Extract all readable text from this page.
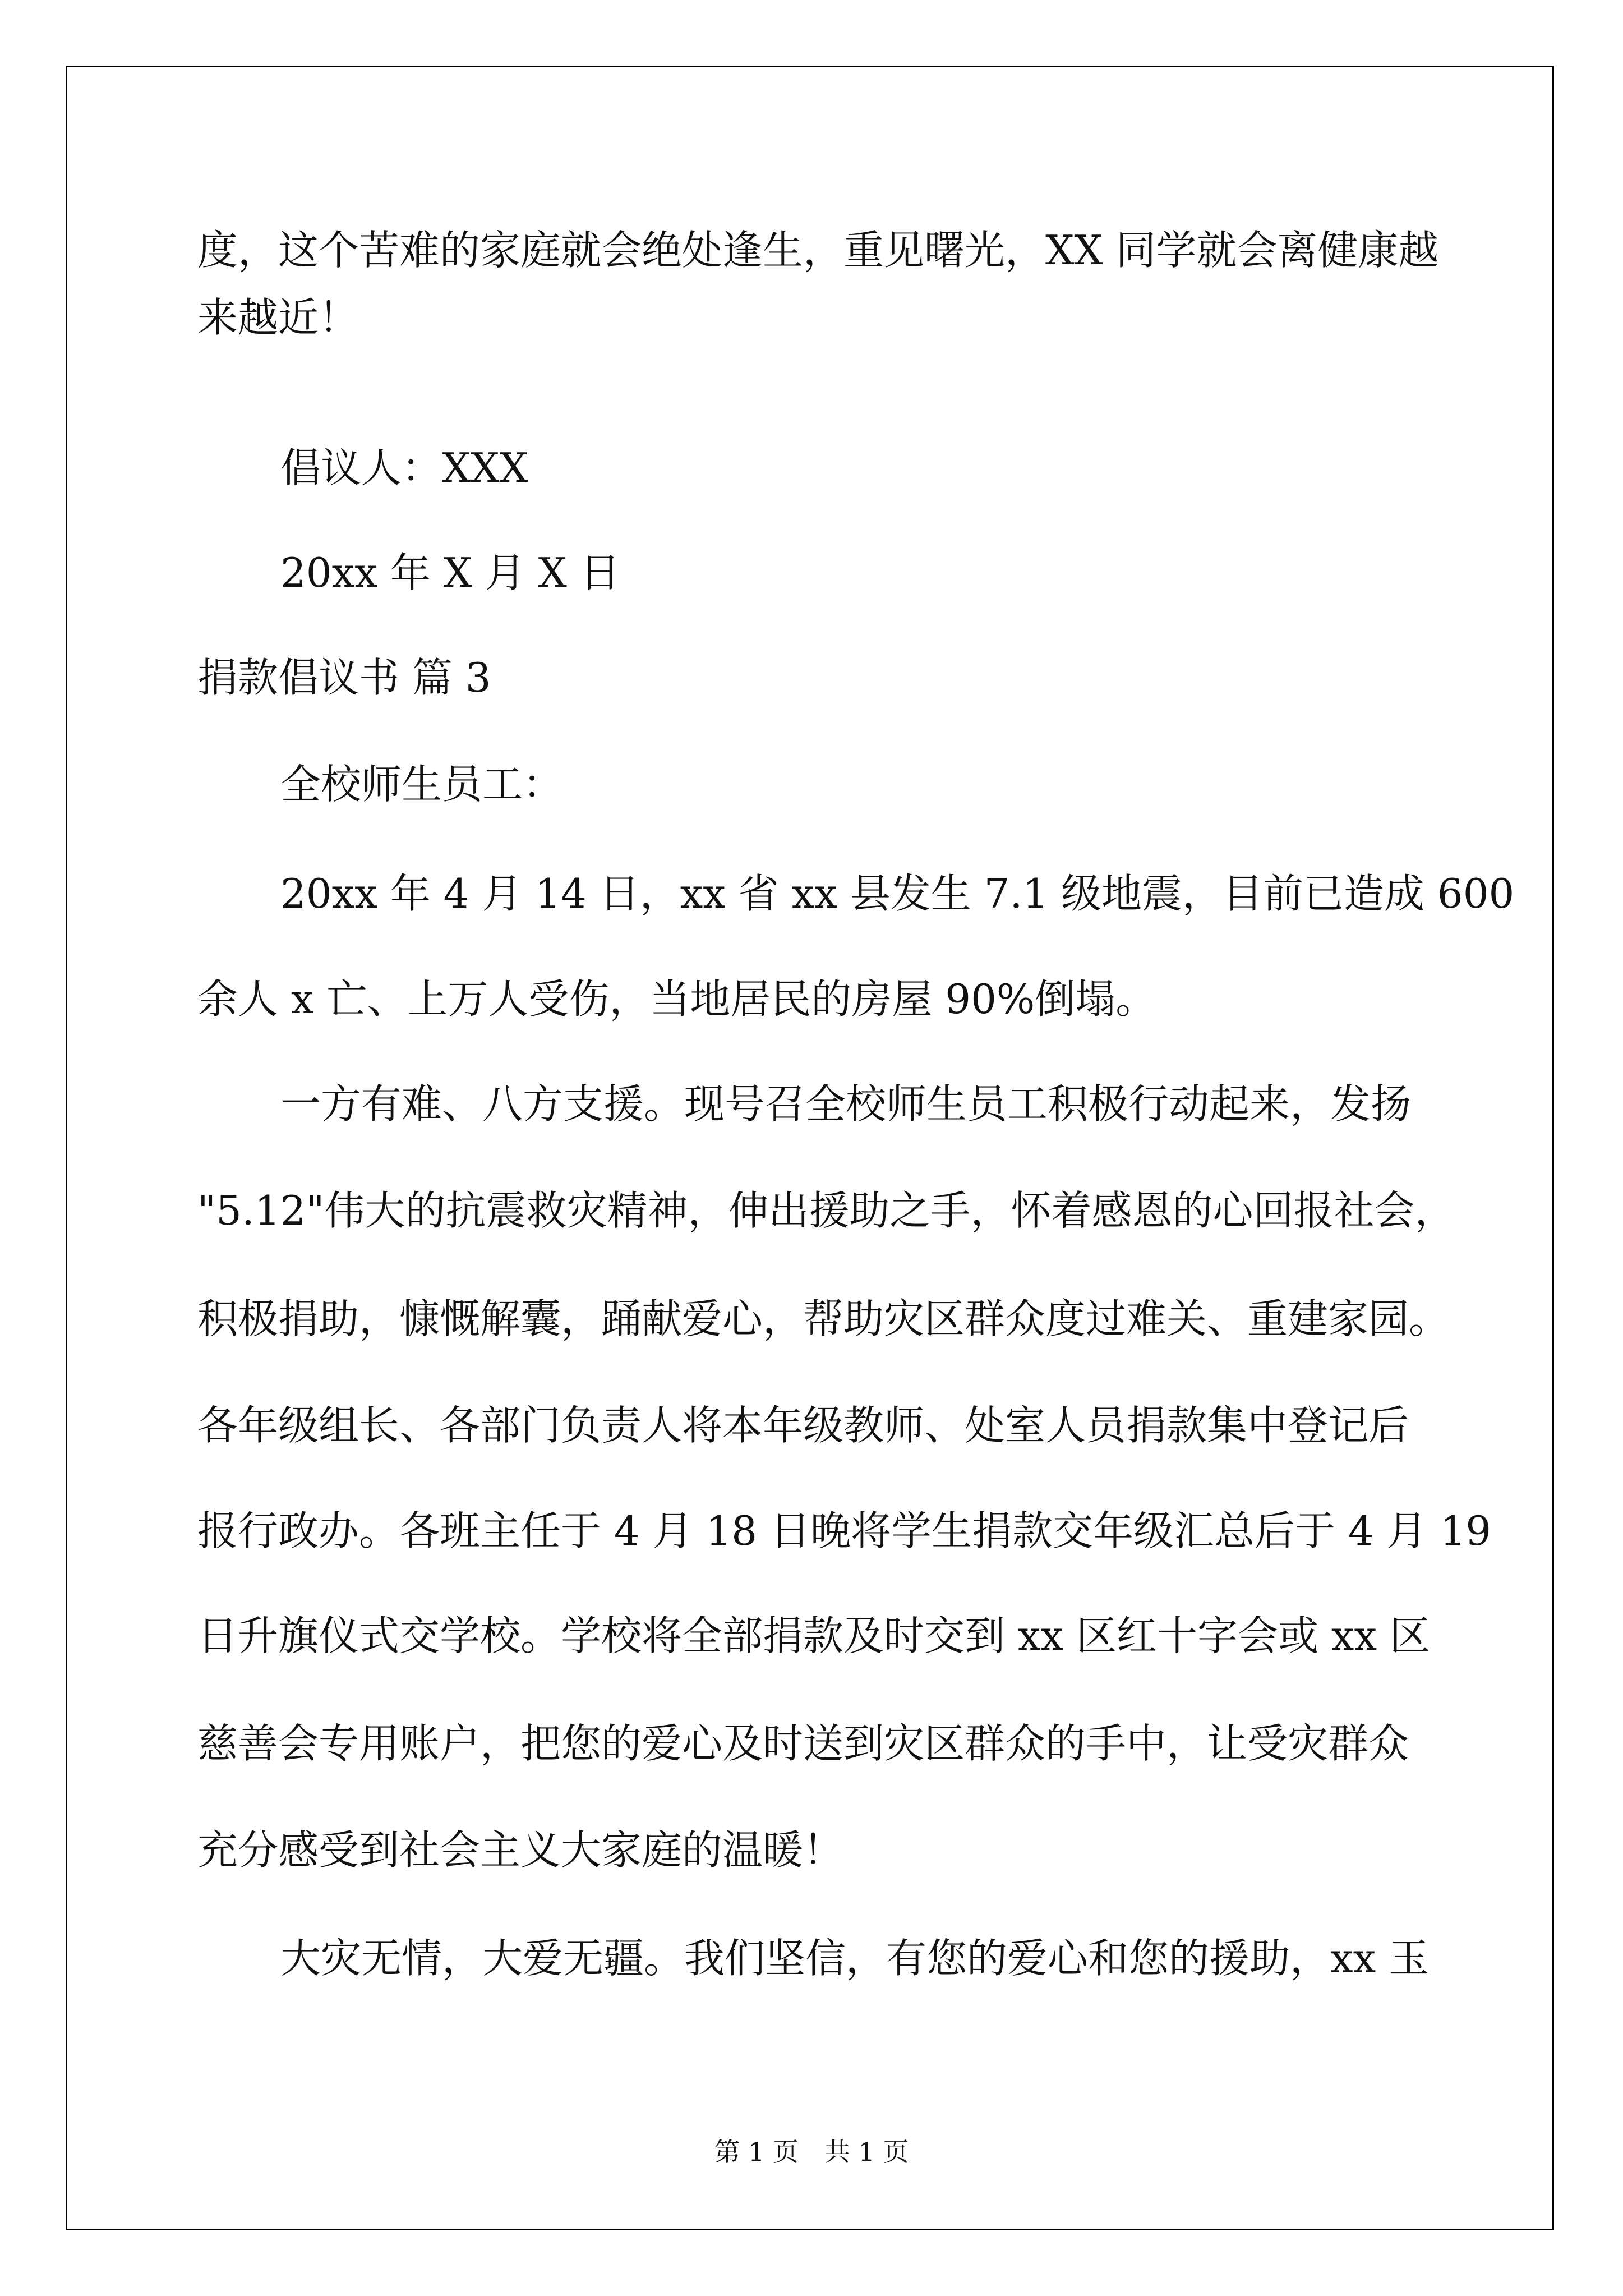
度，这个苦难的家庭就会绝处逢生，重见曙光，XX 同学就会离健康越
来越近！
倡议人：XXX
20xx 年 X 月 X 日
捐款倡议书 篇 3
全校师生员工：
20xx 年 4 月 14 日，xx 省 xx 县发生 7.1 级地震，目前已造成 600
余人 x 亡、上万人受伤，当地居民的房屋 90%倒塌。
一方有难、八方支援。现号召全校师生员工积极行动起来，发扬
"5.12"伟大的抗震救灾精神，伸出援助之手，怀着感恩的心回报社会，
积极捐助，慷慨解囊，踊献爱心，帮助灾区群众度过难关、重建家园。
各年级组长、各部门负责人将本年级教师、处室人员捐款集中登记后
报行政办。各班主任于 4 月 18 日晚将学生捐款交年级汇总后于 4 月 19
日升旗仪式交学校。学校将全部捐款及时交到 xx 区红十字会或 xx 区
慈善会专用账户，把您的爱心及时送到灾区群众的手中，让受灾群众
充分感受到社会主义大家庭的温暖！
大灾无情，大爱无疆。我们坚信，有您的爱心和您的援助，xx 玉
第 1 页　共 1 页
